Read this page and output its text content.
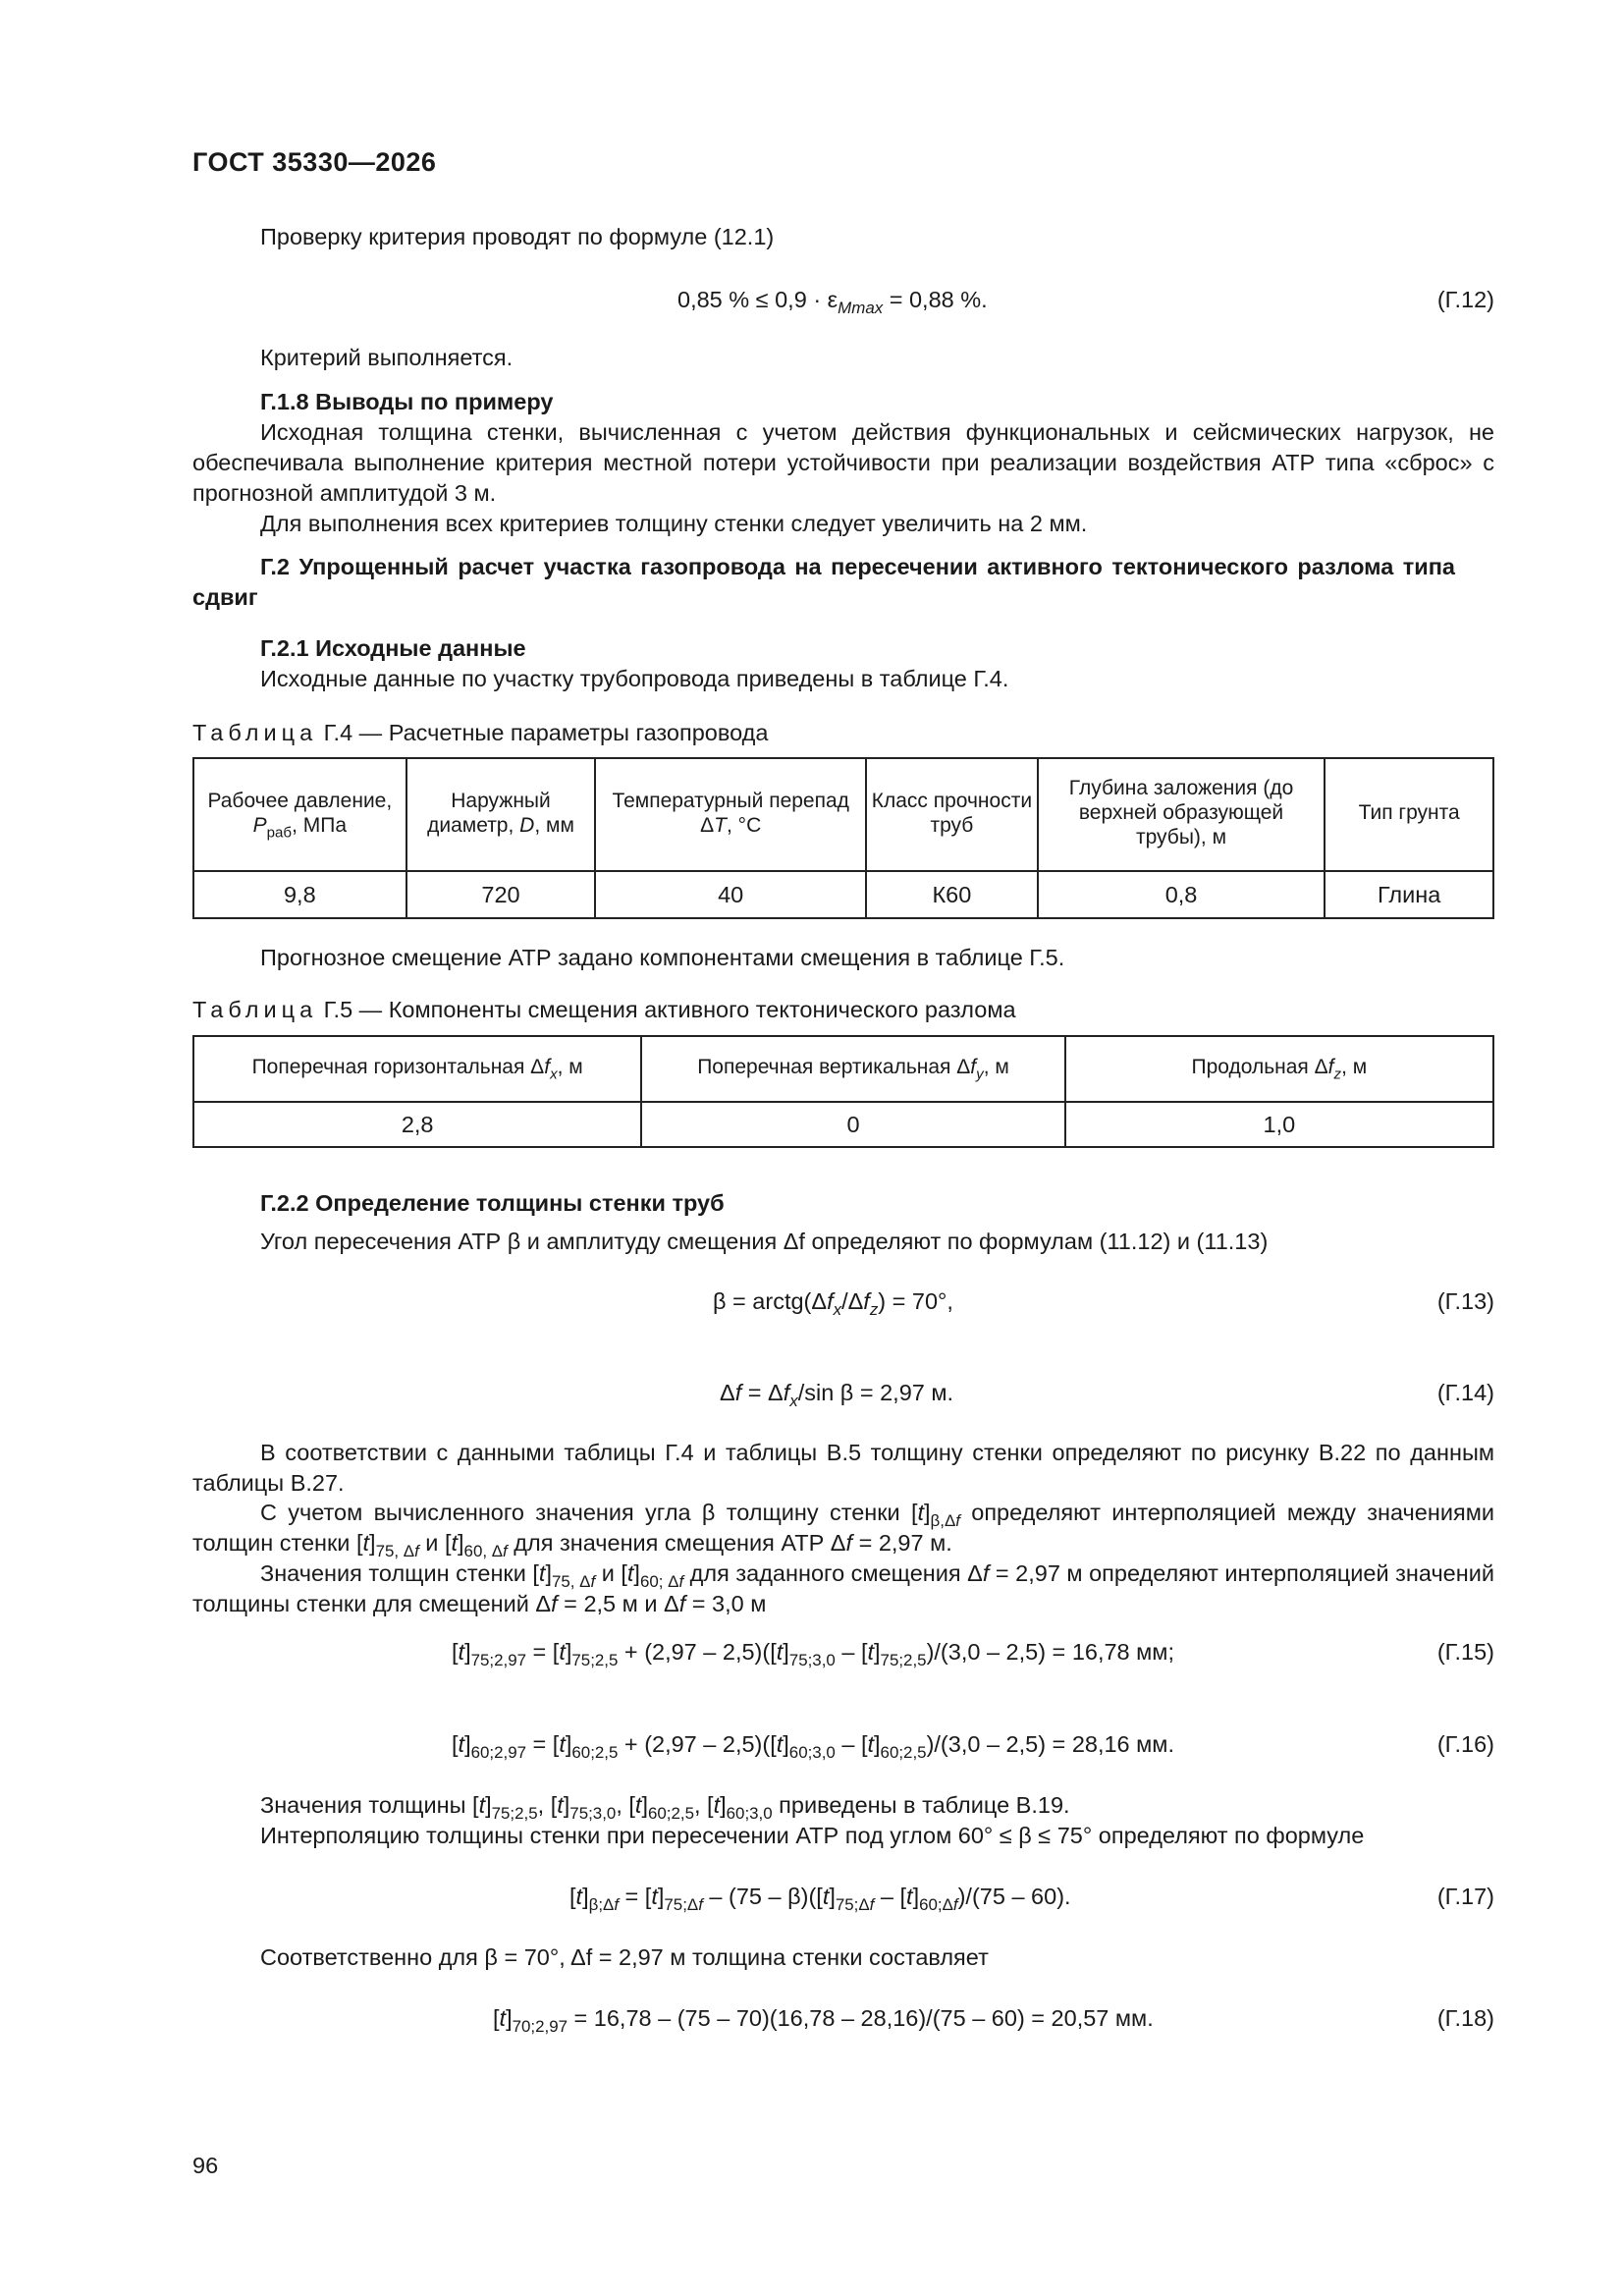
ГОСТ 35330—2026

Проверку критерия проводят по формуле (12.1)

0,85 % ≤ $0,9 \cdot \varepsilon_{Mmax} = 0,88$ %.	(Г.12)

Критерий выполняется.

Г.1.8 Выводы по примеру

Исходная толщина стенки, вычисленная с учетом действия функциональных и сейсмических нагрузок, не обеспечивала выполнение критерия местной потери устойчивости при реализации воздействия АТР типа «сброс» с прогнозной амплитудой 3 м.

Для выполнения всех критериев толщину стенки следует увеличить на 2 мм.

Г.2 Упрощенный расчет участка газопровода на пересечении активного тектонического разлома типа сдвиг

Г.2.1 Исходные данные

Исходные данные по участку трубопровода приведены в таблице Г.4.

Таблица Г.4 — Расчетные параметры газопровода
Рабочее давление, $P_{раб}$, МПа	Наружный диаметр, D, мм	Температурный перепад ΔT, °С	Класс прочности труб	Глубина заложения (до верхней образующей трубы), м	Тип грунта

9,8	720	40	К60	0,8	Глина

Прогнозное смещение АТР задано компонентами смещения в таблице Г.5.

Таблица Г.5 — Компоненты смещения активного тектонического разлома
Поперечная горизонтальная $\Delta f_x$, м	Поперечная вертикальная $\Delta f_y$, м	Продольная $\Delta f_z$, м

2,8	0	1,0

Г.2.2 Определение толщины стенки труб

Угол пересечения АТР β и амплитуду смещения Δf определяют по формулам (11.12) и (11.13)

$\beta = arctg(\Delta f_x/\Delta f_z) = 70^\circ$,	(Г.13)
$\Delta f = \Delta f_x/\sin$ β = 2,97 м.	(Г.14)

В соответствии с данными таблицы Г.4 и таблицы В.5 толщину стенки определяют по рисунку В.22 по данным таблицы В.27.

С учетом вычисленного значения угла β толщину стенки $[t]_{\beta,\Delta f}$ определяют интерполяцией между значениями толщин стенки $[t]_{75, \Delta f}$ и $[t]_{60, \Delta f}$ для значения смещения АТР Δf = 2,97 м.

Значения толщин стенки $[t]_{75, \Delta f}$ и $[t]_{60; \Delta f}$ для заданного смещения Δf = 2,97 м определяют интерполяцией значений толщины стенки для смещений Δf = 2,5 м и Δf = 3,0 м

$[t]_{75;2,97} = [t]_{75;2,5} + (2,97 - 2,5)([t]_{75;3,0} - [t]_{75;2,5})/(3,0 - 2,5) = 16,78$ мм;	(Г.15)
$[t]_{60;2,97} = [t]_{60;2,5} + (2,97 - 2,5)([t]_{60;3,0} - [t]_{60;2,5})/(3,0 - 2,5) = 28,16$ мм.	(Г.16)

Значения толщины $[t]_{75;2,5}$, $[t]_{75;3,0}$, $[t]_{60;2,5}$, $[t]_{60;3,0}$ приведены в таблице В.19.

Интерполяцию толщины стенки при пересечении АТР под углом 60° ≤ β ≤ 75° определяют по формуле

$[t]_{\beta;\Delta f} = [t]_{75;\Delta f} - (75 - \beta)([t]_{75;\Delta f} - [t]_{60;\Delta f})/(75 - 60)$.	(Г.17)

Соответственно для β = 70°, Δf = 2,97 м толщина стенки составляет

$[t]_{70;2,97} = 16,78 - (75 - 70)(16,78 - 28,16)/(75 - 60) = 20,57$ мм.	(Г.18)
96
